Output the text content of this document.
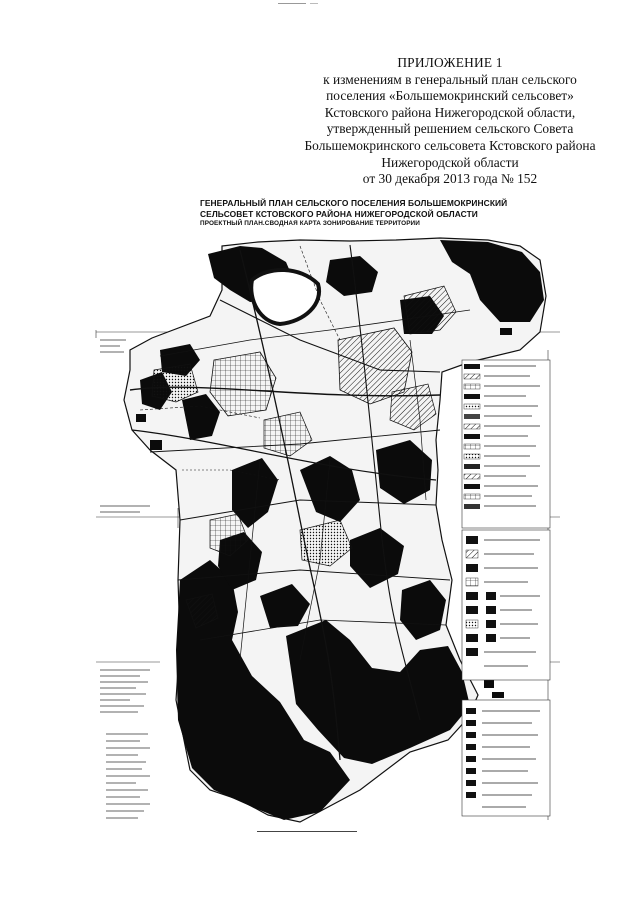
ПРИЛОЖЕНИЕ 1
к изменениям в генеральный план сельского
поселения «Большемокринский сельсовет»
Кстовского района Нижегородской области,
утвержденный решением сельского Совета
Большемокринского сельсовета Кстовского района
Нижегородской области
от 30 декабря 2013 года № 152
ГЕНЕРАЛЬНЫЙ ПЛАН СЕЛЬСКОГО ПОСЕЛЕНИЯ БОЛЬШЕМОКРИНСКИЙ
СЕЛЬСОВЕТ КСТОВСКОГО РАЙОНА НИЖЕГОРОДСКОЙ ОБЛАСТИ
ПРОЕКТНЫЙ ПЛАН.СВОДНАЯ КАРТА ЗОНИРОВАНИЕ ТЕРРИТОРИИ
